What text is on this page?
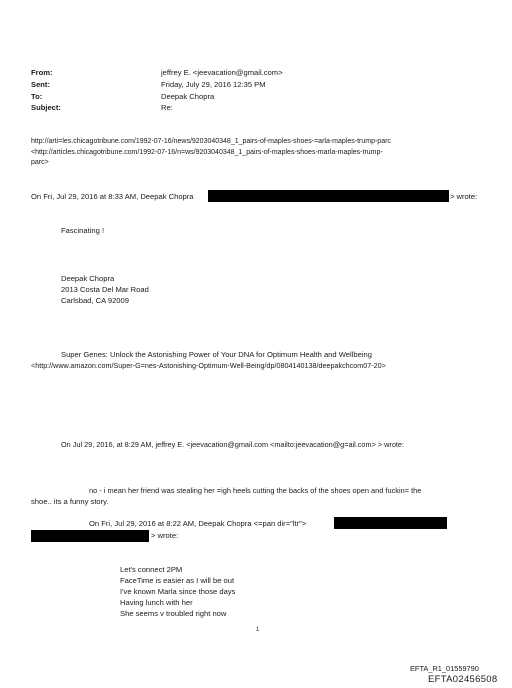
From:	jeffrey E. <jeevacation@gmail.com>
Sent:	Friday, July 29, 2016 12:35 PM
To:	Deepak Chopra
Subject:	Re:
http://arti=les.chicagotribune.com/1992-07-16/news/9203040348_1_pairs-of-maples-shoes-=arla-maples-trump-parc
<http://articles.chicagotribune.com/1992-07-16/n=ws/9203040348_1_pairs-of-maples-shoes-marla-maples-trump-
parc>
On Fri, Jul 29, 2016 at 8:33 AM, Deepak Chopra	> wrote:
Fascinating !
Deepak Chopra
2013 Costa Del Mar Road
Carlsbad, CA 92009
Super Genes: Unlock the Astonishing Power of Your DNA for Optimum Health and Wellbeing
<http://www.amazon.com/Super-G=nes-Astonishing-Optimum-Well-Being/dp/0804140138/deepakchcom07-20>
On Jul 29, 2016, at 8:29 AM, jeffrey E. <jeevacation@gmail.com <mailto:jeevacation@g=ail.com> > wrote:
no - i mean her friend was stealing her =igh heels cutting the backs of the shoes open and fuckin= the
shoe.. its a funny story.
On Fri, Jul 29, 2016 at 8:22 AM, Deepak Chopra <=pan dir="ltr">
> wrote:
Let's connect 2PM
FaceTime is easier as I will be out
I've known Marla since those days
Having lunch with her
She seems v troubled right now
1
EFTA_R1_01559790
EFTA02456508
